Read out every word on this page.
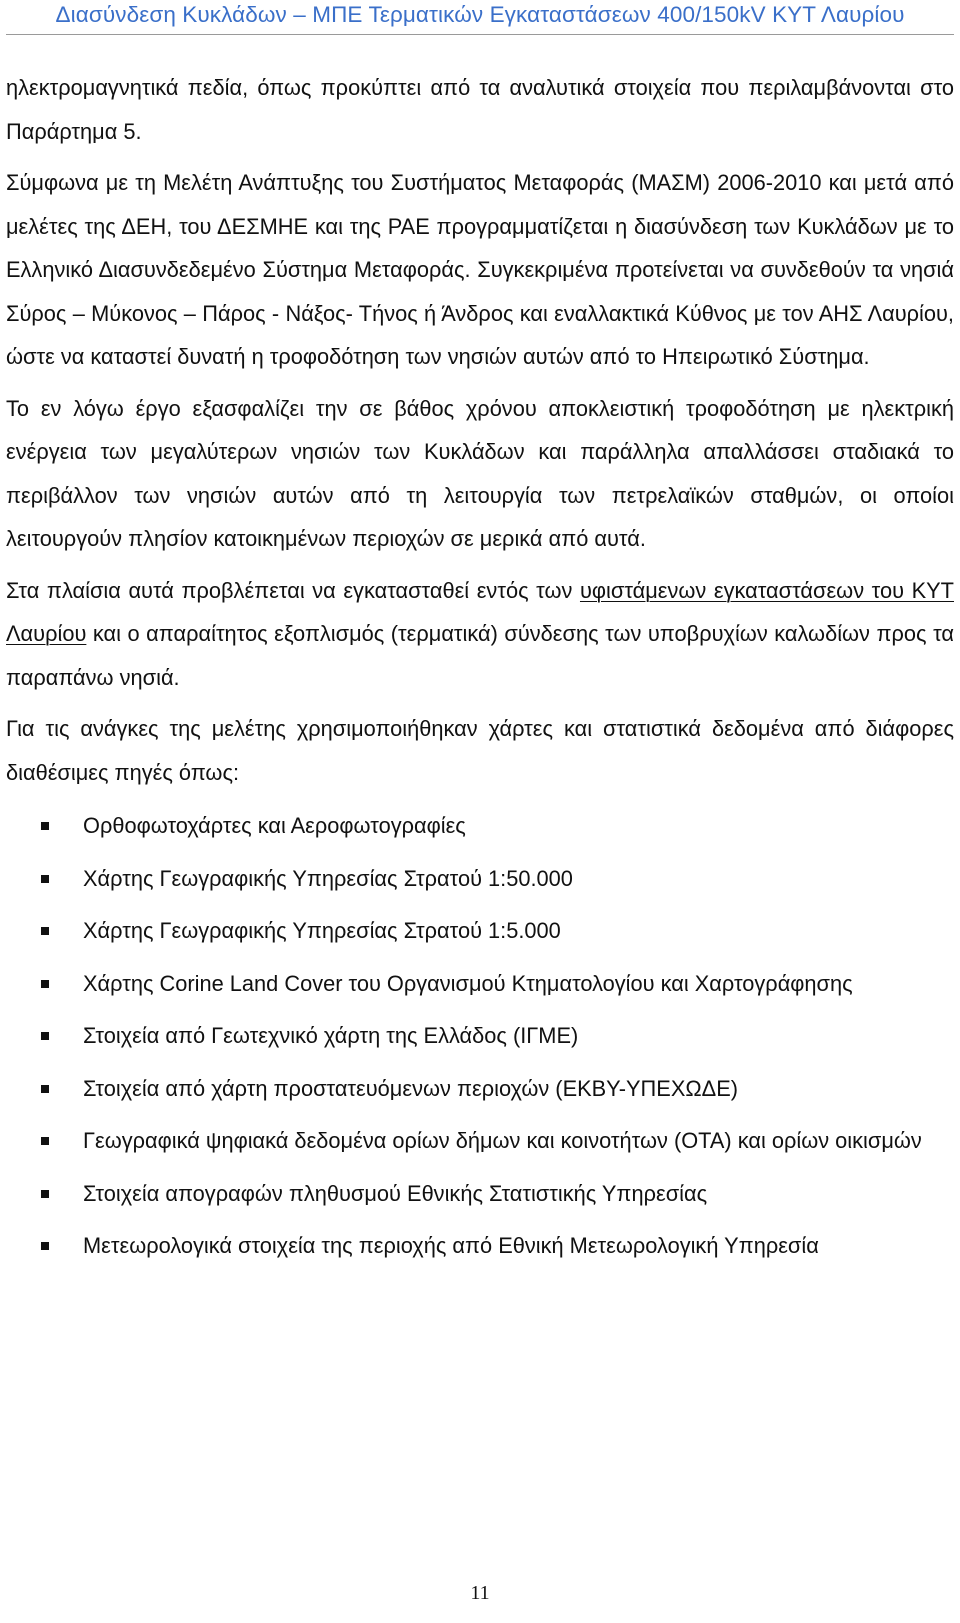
Διασύνδεση Κυκλάδων – ΜΠΕ Τερματικών Εγκαταστάσεων 400/150kV ΚΥΤ Λαυρίου

ηλεκτρομαγνητικά πεδία, όπως προκύπτει από τα αναλυτικά στοιχεία που περιλαμβάνονται στο Παράρτημα 5.

Σύμφωνα με τη Μελέτη Ανάπτυξης του Συστήματος Μεταφοράς (ΜΑΣΜ) 2006-2010 και μετά από μελέτες της ΔΕΗ, του ΔΕΣΜΗΕ και της ΡΑΕ προγραμματίζεται η διασύνδεση των Κυκλάδων με το Ελληνικό Διασυνδεδεμένο Σύστημα Μεταφοράς. Συγκεκριμένα προτείνεται να συνδεθούν τα νησιά Σύρος – Μύκονος – Πάρος - Νάξος- Τήνος ή Άνδρος και εναλλακτικά Κύθνος με τον ΑΗΣ Λαυρίου, ώστε να καταστεί δυνατή η τροφοδότηση των νησιών αυτών από το Ηπειρωτικό Σύστημα.

Το εν λόγω έργο εξασφαλίζει την σε βάθος χρόνου αποκλειστική τροφοδότηση με ηλεκτρική ενέργεια των μεγαλύτερων νησιών των Κυκλάδων και παράλληλα απαλλάσσει σταδιακά το περιβάλλον των νησιών αυτών από τη λειτουργία των πετρελαϊκών σταθμών, οι οποίοι λειτουργούν πλησίον κατοικημένων περιοχών σε μερικά από αυτά.

Στα πλαίσια αυτά προβλέπεται να εγκατασταθεί εντός των υφιστάμενων εγκαταστάσεων του ΚΥΤ Λαυρίου και ο απαραίτητος εξοπλισμός (τερματικά) σύνδεσης των υποβρυχίων καλωδίων προς τα παραπάνω νησιά.

Για τις ανάγκες της μελέτης χρησιμοποιήθηκαν χάρτες και στατιστικά δεδομένα από διάφορες διαθέσιμες πηγές όπως:

Ορθοφωτοχάρτες και Αεροφωτογραφίες
Χάρτης Γεωγραφικής Υπηρεσίας Στρατού 1:50.000
Χάρτης Γεωγραφικής Υπηρεσίας Στρατού 1:5.000
Χάρτης Corine Land Cover του Οργανισμού Κτηματολογίου και Χαρτογράφησης
Στοιχεία από Γεωτεχνικό χάρτη της Ελλάδος (ΙΓΜΕ)
Στοιχεία από χάρτη προστατευόμενων περιοχών (ΕΚΒΥ-ΥΠΕΧΩΔΕ)
Γεωγραφικά ψηφιακά δεδομένα ορίων δήμων και κοινοτήτων (ΟΤΑ) και ορίων οικισμών
Στοιχεία απογραφών πληθυσμού Εθνικής Στατιστικής Υπηρεσίας
Μετεωρολογικά στοιχεία της περιοχής από Εθνική Μετεωρολογική Υπηρεσία
11
